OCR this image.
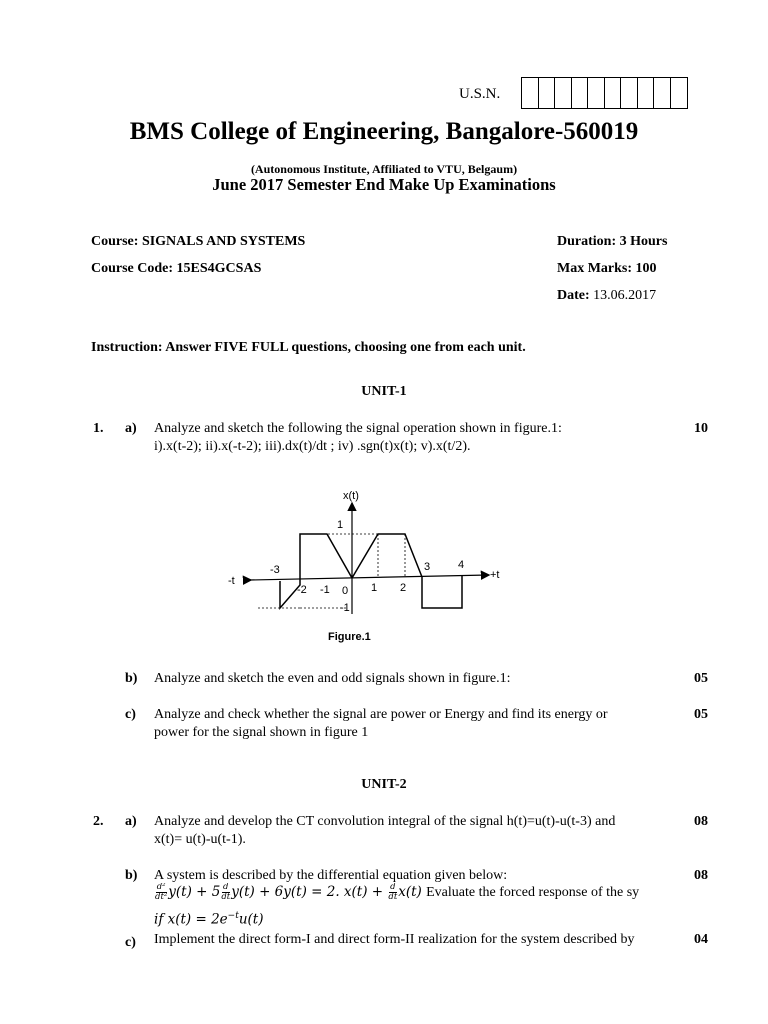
U.S.N.
BMS College of Engineering, Bangalore-560019
(Autonomous Institute, Affiliated to VTU, Belgaum)
June 2017 Semester End Make Up Examinations
Course: SIGNALS AND SYSTEMS
Course Code: 15ES4GCSAS
Duration: 3 Hours
Max Marks: 100
Date: 13.06.2017
Instruction: Answer FIVE FULL questions, choosing one from each unit.
UNIT-1
1. a) Analyze and sketch the following the signal operation shown in figure.1:
i).x(t-2); ii).x(-t-2); iii).dx(t)/dt ; iv) .sgn(t)x(t); v).x(t/2).
10
x(t)
1
-t	+t
-3
-2 -1 0 1 2
3	4
-1
Figure.1
b) Analyze and sketch the even and odd signals shown in figure.1:	05
c) Analyze and check whether the signal are power or Energy and find its energy or
power for the signal shown in figure 1
05
UNIT-2
2. a) Analyze and develop the CT convolution integral of the signal h(t)=u(t)-u(t-3) and
x(t)= u(t)-u(t-1).
08
b) A system is described by the differential equation given below:	08
$\frac{\text{d²}}{\text{dt²}} y(t) + 5 \frac{d}{dt} y(t) + 6y(t) = 2$. $x(t) + \frac{d}{dt} x(t)$ Evaluate the forced response of the sy
if $x(t) = 2e^{-t}u(t)$
c) Implement the direct form-I and direct form-II realization for the system described by	04
